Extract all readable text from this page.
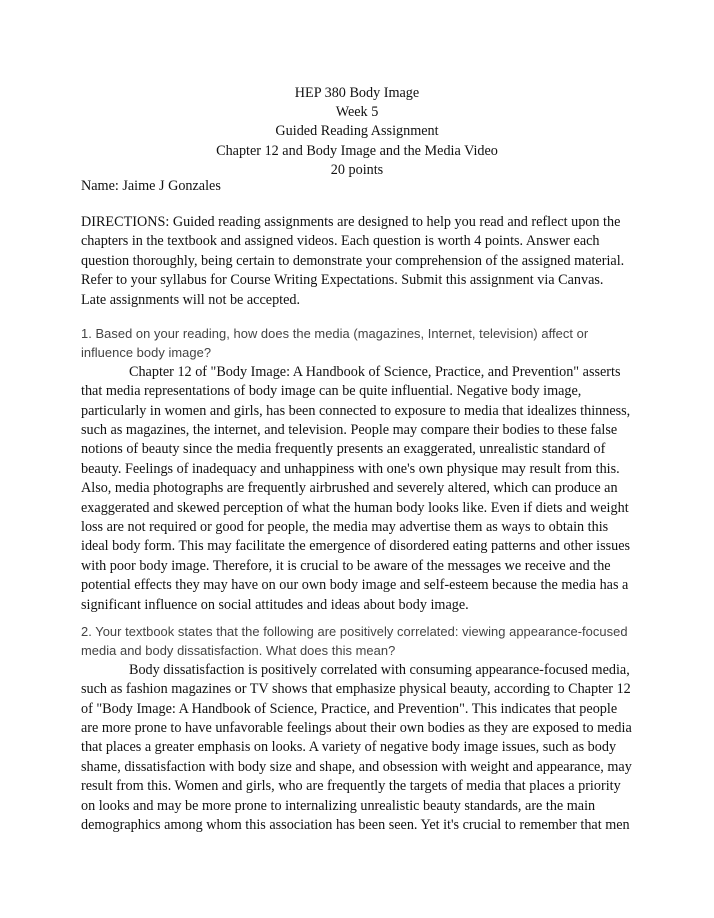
HEP 380 Body Image
Week 5
Guided Reading Assignment
Chapter 12 and Body Image and the Media Video
20 points
Name: Jaime J Gonzales

DIRECTIONS: Guided reading assignments are designed to help you read and reflect upon the chapters in the textbook and assigned videos. Each question is worth 4 points. Answer each question thoroughly, being certain to demonstrate your comprehension of the assigned material. Refer to your syllabus for Course Writing Expectations. Submit this assignment via Canvas. Late assignments will not be accepted.

1. Based on your reading, how does the media (magazines, Internet, television) affect or influence body image?

Chapter 12 of "Body Image: A Handbook of Science, Practice, and Prevention" asserts that media representations of body image can be quite influential. Negative body image, particularly in women and girls, has been connected to exposure to media that idealizes thinness, such as magazines, the internet, and television. People may compare their bodies to these false notions of beauty since the media frequently presents an exaggerated, unrealistic standard of beauty. Feelings of inadequacy and unhappiness with one's own physique may result from this. Also, media photographs are frequently airbrushed and severely altered, which can produce an exaggerated and skewed perception of what the human body looks like. Even if diets and weight loss are not required or good for people, the media may advertise them as ways to obtain this ideal body form. This may facilitate the emergence of disordered eating patterns and other issues with poor body image. Therefore, it is crucial to be aware of the messages we receive and the potential effects they may have on our own body image and self-esteem because the media has a significant influence on social attitudes and ideas about body image.

2. Your textbook states that the following are positively correlated: viewing appearance-focused media and body dissatisfaction. What does this mean?

Body dissatisfaction is positively correlated with consuming appearance-focused media, such as fashion magazines or TV shows that emphasize physical beauty, according to Chapter 12 of "Body Image: A Handbook of Science, Practice, and Prevention". This indicates that people are more prone to have unfavorable feelings about their own bodies as they are exposed to media that places a greater emphasis on looks. A variety of negative body image issues, such as body shame, dissatisfaction with body size and shape, and obsession with weight and appearance, may result from this. Women and girls, who are frequently the targets of media that places a priority on looks and may be more prone to internalizing unrealistic beauty standards, are the main demographics among whom this association has been seen. Yet it's crucial to remember that men
